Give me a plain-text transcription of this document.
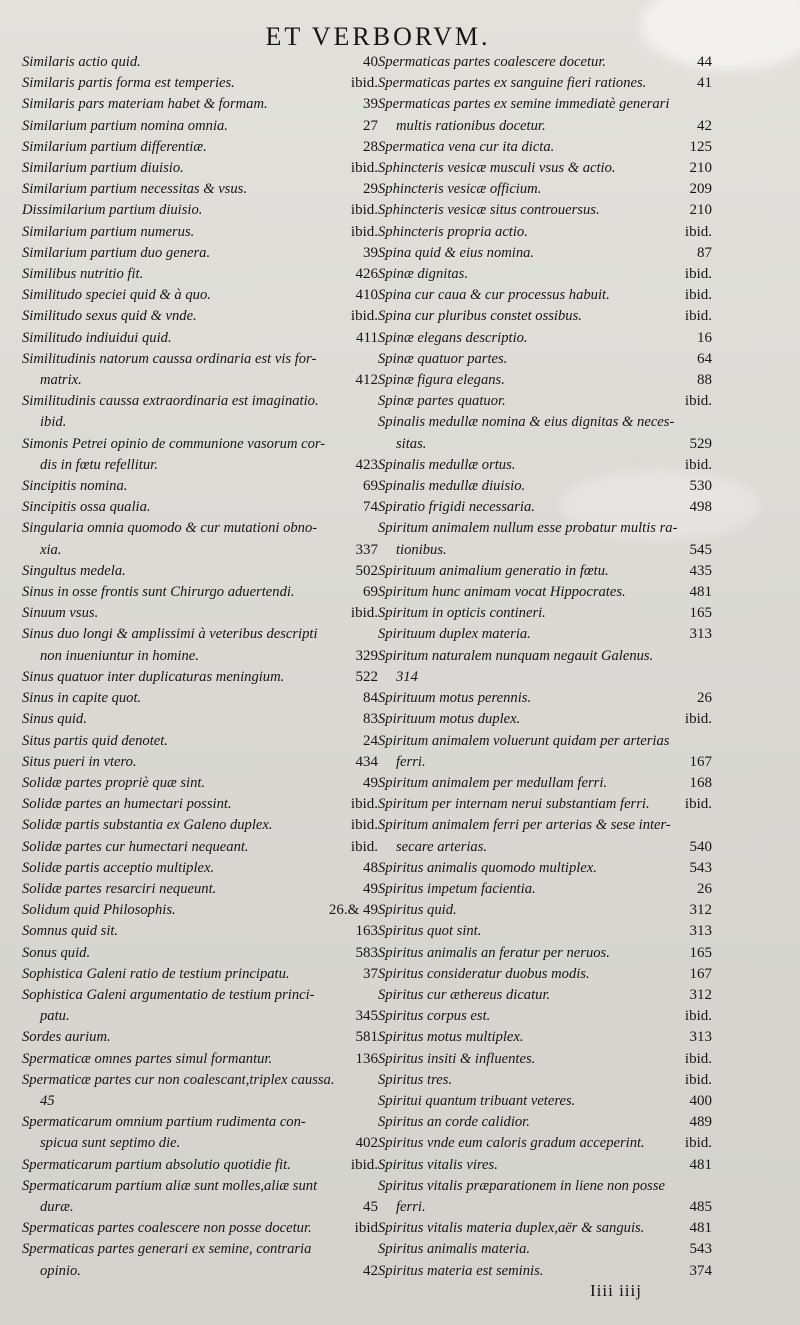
ET VERBORVM.
Similaris actio quid.	40
Similaris partis forma est temperies.	ibid.
Similaris pars materiam habet & formam.	39
Similarium partium nomina omnia.	27
Similarium partium differentiæ.	28
Similarium partium diuisio.	ibid.
Similarium partium necessitas & vsus.	29
Dissimilarium partium diuisio.	ibid.
Similarium partium numerus.	ibid.
Similarium partium duo genera.	39
Similibus nutritio fit.	426
Similitudo speciei quid & à quo.	410
Similitudo sexus quid & vnde.	ibid.
Similitudo indiuidui quid.	411
Similitudinis natorum caussa ordinaria est vis for-
matrix.	412
Similitudinis caussa extraordinaria est imaginatio.
ibid.
Simonis Petrei opinio de communione vasorum cor-
dis in fœtu refellitur.	423
Sincipitis nomina.	69
Sincipitis ossa qualia.	74
Singularia omnia quomodo & cur mutationi obno-
xia.	337
Singultus medela.	502
Sinus in osse frontis sunt Chirurgo aduertendi.	69
Sinuum vsus.	ibid.
Sinus duo longi & amplissimi à veteribus descripti
non inueniuntur in homine.	329
Sinus quatuor inter duplicaturas meningium.	522
Sinus in capite quot.	84
Sinus quid.	83
Situs partis quid denotet.	24
Situs pueri in vtero.	434
Solidæ partes propriè quæ sint.	49
Solidæ partes an humectari possint.	ibid.
Solidæ partis substantia ex Galeno duplex.	ibid.
Solidæ partes cur humectari nequeant.	ibid.
Solidæ partis acceptio multiplex.	48
Solidæ partes resarciri nequeunt.	49
Solidum quid Philosophis.	26.& 49
Somnus quid sit.	163
Sonus quid.	583
Sophistica Galeni ratio de testium principatu.	37
Sophistica Galeni argumentatio de testium princi-
patu.	345
Sordes aurium.	581
Spermaticæ omnes partes simul formantur.	136
Spermaticæ partes cur non coalescant,triplex caussa.
45
Spermaticarum omnium partium rudimenta con-
spicua sunt septimo die.	402
Spermaticarum partium absolutio quotidie fit.	ibid.
Spermaticarum partium aliæ sunt molles,aliæ sunt
duræ.	45
Spermaticas partes coalescere non posse docetur.	ibid
Spermaticas partes generari ex semine, contraria
opinio.	42
Spermaticas partes coalescere docetur.	44
Spermaticas partes ex sanguine fieri rationes.	41
Spermaticas partes ex semine immediatè generari
multis rationibus docetur.	42
Spermatica vena cur ita dicta.	125
Sphincteris vesicæ musculi vsus & actio.	210
Sphincteris vesicæ officium.	209
Sphincteris vesicæ situs controuersus.	210
Sphincteris propria actio.	ibid.
Spina quid & eius nomina.	87
Spinæ dignitas.	ibid.
Spina cur caua & cur processus habuit.	ibid.
Spina cur pluribus constet ossibus.	ibid.
Spinæ elegans descriptio.	16
Spinæ quatuor partes.	64
Spinæ figura elegans.	88
Spinæ partes quatuor.	ibid.
Spinalis medullæ nomina & eius dignitas & neces-
sitas.	529
Spinalis medullæ ortus.	ibid.
Spinalis medullæ diuisio.	530
Spiratio frigidi necessaria.	498
Spiritum animalem nullum esse probatur multis ra-
tionibus.	545
Spirituum animalium generatio in fœtu.	435
Spiritum hunc animam vocat Hippocrates.	481
Spiritum in opticis contineri.	165
Spirituum duplex materia.	313
Spiritum naturalem nunquam negauit Galenus.
314
Spirituum motus perennis.	26
Spirituum motus duplex.	ibid.
Spiritum animalem voluerunt quidam per arterias
ferri.	167
Spiritum animalem per medullam ferri.	168
Spiritum per internam nerui substantiam ferri.	ibid.
Spiritum animalem ferri per arterias & sese inter-
secare arterias.	540
Spiritus animalis quomodo multiplex.	543
Spiritus impetum facientia.	26
Spiritus quid.	312
Spiritus quot sint.	313
Spiritus animalis an feratur per neruos.	165
Spiritus consideratur duobus modis.	167
Spiritus cur æthereus dicatur.	312
Spiritus corpus est.	ibid.
Spiritus motus multiplex.	313
Spiritus insiti & influentes.	ibid.
Spiritus tres.	ibid.
Spiritui quantum tribuant veteres.	400
Spiritus an corde calidior.	489
Spiritus vnde eum caloris gradum acceperint.	ibid.
Spiritus vitalis vires.	481
Spiritus vitalis præparationem in liene non posse
ferri.	485
Spiritus vitalis materia duplex,aër & sanguis.	481
Spiritus animalis materia.	543
Spiritus materia est seminis.	374
Iiii iiij
